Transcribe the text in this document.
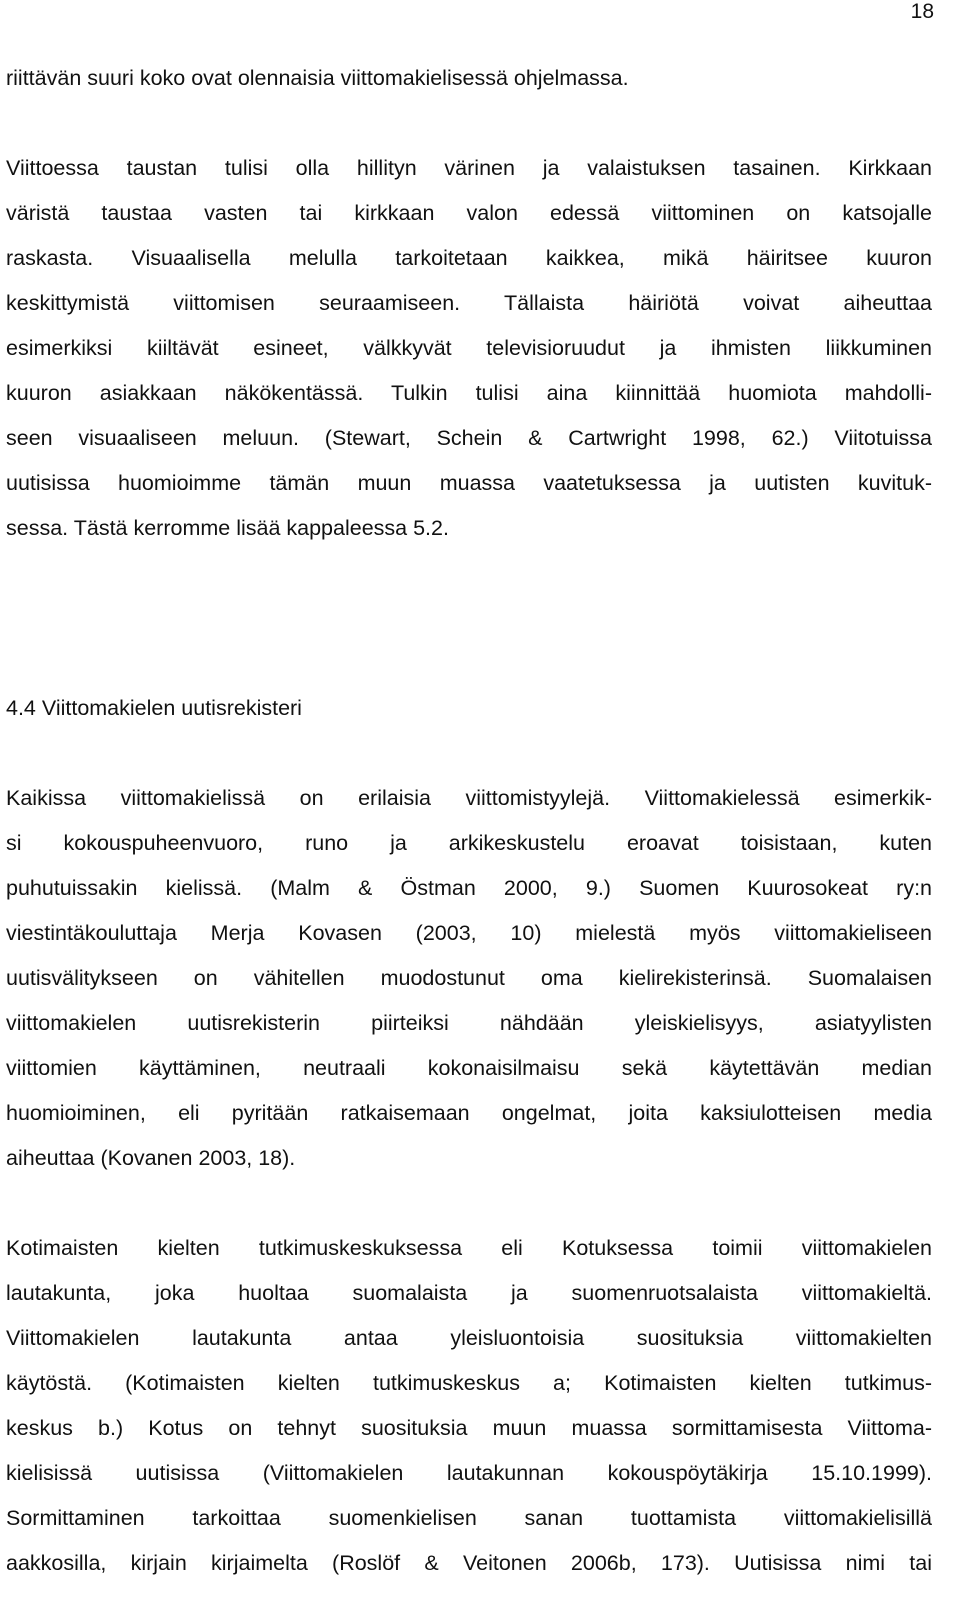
18
riittävän suuri koko ovat olennaisia viittomakielisessä ohjelmassa.
Viittoessa taustan tulisi olla hillityn värinen ja valaistuksen tasainen. Kirkkaan
väristä taustaa vasten tai kirkkaan valon edessä viittominen on katsojalle
raskasta. Visuaalisella melulla tarkoitetaan kaikkea, mikä häiritsee kuuron
keskittymistä viittomisen seuraamiseen. Tällaista häiriötä voivat aiheuttaa
esimerkiksi kiiltävät esineet, välkkyvät televisioruudut ja ihmisten liikkuminen
kuuron asiakkaan näkökentässä. Tulkin tulisi aina kiinnittää huomiota mahdolli-
seen visuaaliseen meluun. (Stewart, Schein & Cartwright 1998, 62.) Viitotuissa
uutisissa huomioimme tämän muun muassa vaatetuksessa ja uutisten kuvituk-
sessa. Tästä kerromme lisää kappaleessa 5.2.
4.4 Viittomakielen uutisrekisteri
Kaikissa viittomakielissä on erilaisia viittomistyylejä. Viittomakielessä esimerkik-
si kokouspuheenvuoro, runo ja arkikeskustelu eroavat toisistaan, kuten
puhutuissakin kielissä. (Malm & Östman 2000, 9.) Suomen Kuurosokeat ry:n
viestintäkouluttaja Merja Kovasen (2003, 10) mielestä myös viittomakieliseen
uutisvälitykseen on vähitellen muodostunut oma kielirekisterinsä. Suomalaisen
viittomakielen uutisrekisterin piirteiksi nähdään yleiskielisyys, asiatyylisten
viittomien käyttäminen, neutraali kokonaisilmaisu sekä käytettävän median
huomioiminen, eli pyritään ratkaisemaan ongelmat, joita kaksiulotteisen media
aiheuttaa (Kovanen 2003, 18).
Kotimaisten kielten tutkimuskeskuksessa eli Kotuksessa toimii viittomakielen
lautakunta, joka huoltaa suomalaista ja suomenruotsalaista viittomakieltä.
Viittomakielen lautakunta antaa yleisluontoisia suosituksia viittomakielten
käytöstä. (Kotimaisten kielten tutkimuskeskus a; Kotimaisten kielten tutkimus-
keskus b.) Kotus on tehnyt suosituksia muun muassa sormittamisesta Viittoma-
kielisissä uutisissa (Viittomakielen lautakunnan kokouspöytäkirja 15.10.1999).
Sormittaminen tarkoittaa suomenkielisen sanan tuottamista viittomakielisillä
aakkosilla, kirjain kirjaimelta (Roslöf & Veitonen 2006b, 173). Uutisissa nimi tai
